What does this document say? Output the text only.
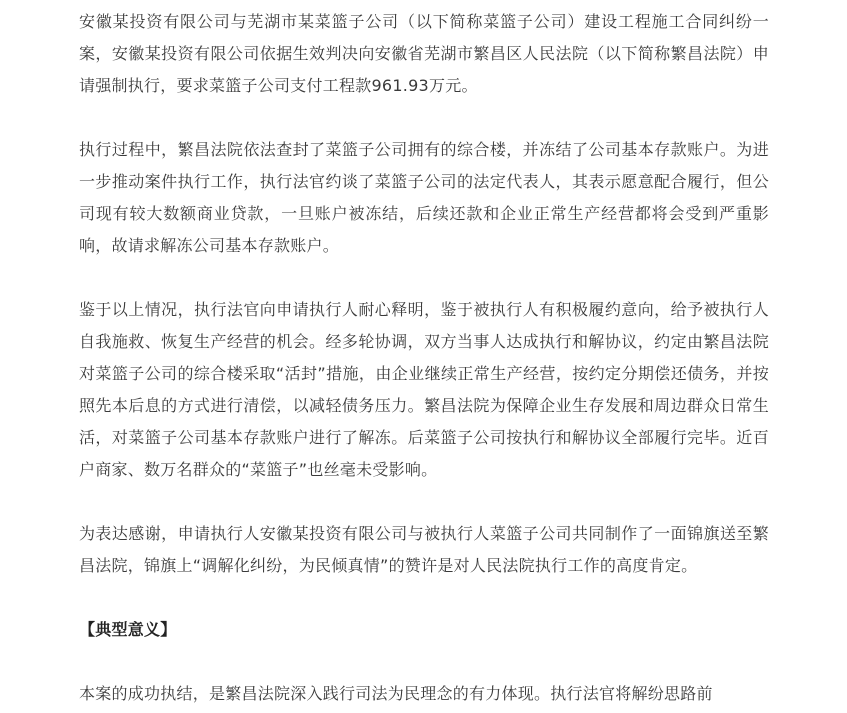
安徽某投资有限公司与芜湖市某菜篮子公司（以下简称菜篮子公司）建设工程施工合同纠纷一案，安徽某投资有限公司依据生效判决向安徽省芜湖市繁昌区人民法院（以下简称繁昌法院）申请强制执行，要求菜篮子公司支付工程款961.93万元。

执行过程中，繁昌法院依法查封了菜篮子公司拥有的综合楼，并冻结了公司基本存款账户。为进一步推动案件执行工作，执行法官约谈了菜篮子公司的法定代表人，其表示愿意配合履行，但公司现有较大数额商业贷款，一旦账户被冻结，后续还款和企业正常生产经营都将会受到严重影响，故请求解冻公司基本存款账户。

鉴于以上情况，执行法官向申请执行人耐心释明，鉴于被执行人有积极履约意向，给予被执行人自我施救、恢复生产经营的机会。经多轮协调，双方当事人达成执行和解协议，约定由繁昌法院对菜篮子公司的综合楼采取“活封”措施，由企业继续正常生产经营，按约定分期偿还债务，并按照先本后息的方式进行清偿，以减轻债务压力。繁昌法院为保障企业生存发展和周边群众日常生活，对菜篮子公司基本存款账户进行了解冻。后菜篮子公司按执行和解协议全部履行完毕。近百户商家、数万名群众的“菜篮子”也丝毫未受影响。

为表达感谢，申请执行人安徽某投资有限公司与被执行人菜篮子公司共同制作了一面锦旗送至繁昌法院，锦旗上“调解化纠纷，为民倾真情”的赞许是对人民法院执行工作的高度肯定。

【典型意义】

本案的成功执结，是繁昌法院深入践行司法为民理念的有力体现。执行法官将解纷思路前
